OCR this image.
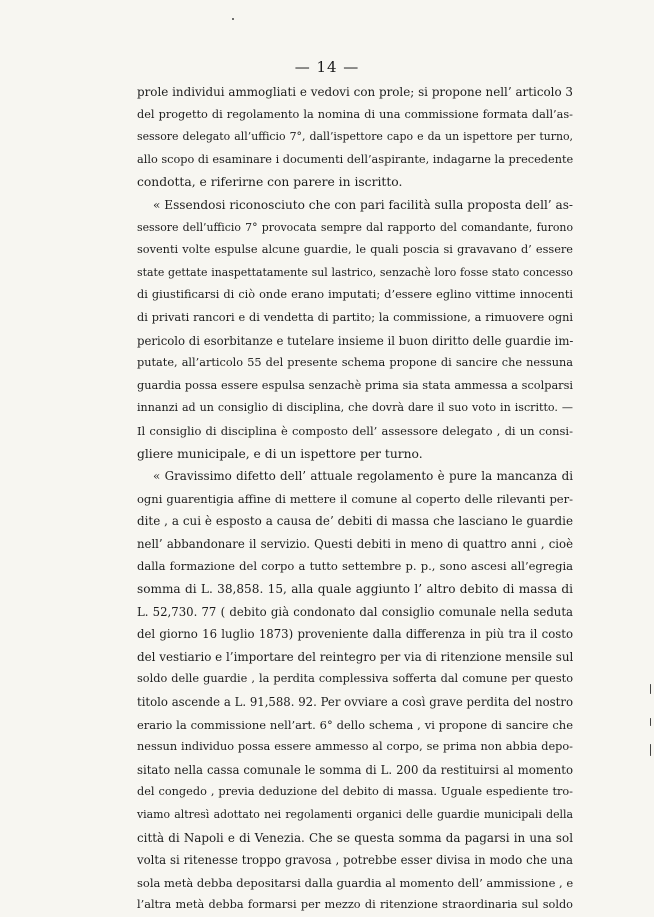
— 14 —
prole individui ammogliati e vedovi con prole; si propone nell’ articolo 3
del progetto di regolamento la nomina di una commissione formata dall’as-
sessore delegato all’ufficio 7°, dall’ispettore capo e da un ispettore per turno,
allo scopo di esaminare i documenti dell’aspirante, indagarne la precedente
condotta, e riferirne con parere in iscritto.
« Essendosi riconosciuto che con pari facilità sulla proposta dell’ as-
sessore dell’ufficio 7° provocata sempre dal rapporto del comandante, furono
soventi volte espulse alcune guardie, le quali poscia si gravavano d’ essere
state gettate inaspettatamente sul lastrico, senzachè loro fosse stato concesso
di giustificarsi di ciò onde erano imputati; d’essere eglino vittime innocenti
di privati rancori e di vendetta di partito; la commissione, a rimuovere ogni
pericolo di esorbitanze e tutelare insieme il buon diritto delle guardie im-
putate, all’articolo 55 del presente schema propone di sancire che nessuna
guardia possa essere espulsa senzachè prima sia stata ammessa a scolparsi
innanzi ad un consiglio di disciplina, che dovrà dare il suo voto in iscritto. —
Il consiglio di disciplina è composto dell’ assessore delegato , di un consi-
gliere municipale, e di un ispettore per turno.
« Gravissimo difetto dell’ attuale regolamento è pure la mancanza di
ogni guarentigia affine di mettere il comune al coperto delle rilevanti per-
dite , a cui è esposto a causa de’ debiti di massa che lasciano le guardie
nell’ abbandonare il servizio. Questi debiti in meno di quattro anni , cioè
dalla formazione del corpo a tutto settembre p. p., sono ascesi all’egregia
somma di L. 38,858. 15, alla quale aggiunto l’ altro debito di massa di
L. 52,730. 77 ( debito già condonato dal consiglio comunale nella seduta
del giorno 16 luglio 1873) proveniente dalla differenza in più tra il costo
del vestiario e l’importare del reintegro per via di ritenzione mensile sul
soldo delle guardie , la perdita complessiva sofferta dal comune per questo
titolo ascende a L. 91,588. 92. Per ovviare a così grave perdita del nostro
erario la commissione nell’art. 6° dello schema , vi propone di sancire che
nessun individuo possa essere ammesso al corpo, se prima non abbia depo-
sitato nella cassa comunale le somma di L. 200 da restituirsi al momento
del congedo , previa deduzione del debito di massa. Uguale espediente tro-
viamo altresì adottato nei regolamenti organici delle guardie municipali della
città di Napoli e di Venezia. Che se questa somma da pagarsi in una sol
volta si ritenesse troppo gravosa , potrebbe esser divisa in modo che una
sola metà debba depositarsi dalla guardia al momento dell’ ammissione , e
l’altra metà debba formarsi per mezzo di ritenzione straordinaria sul soldo
